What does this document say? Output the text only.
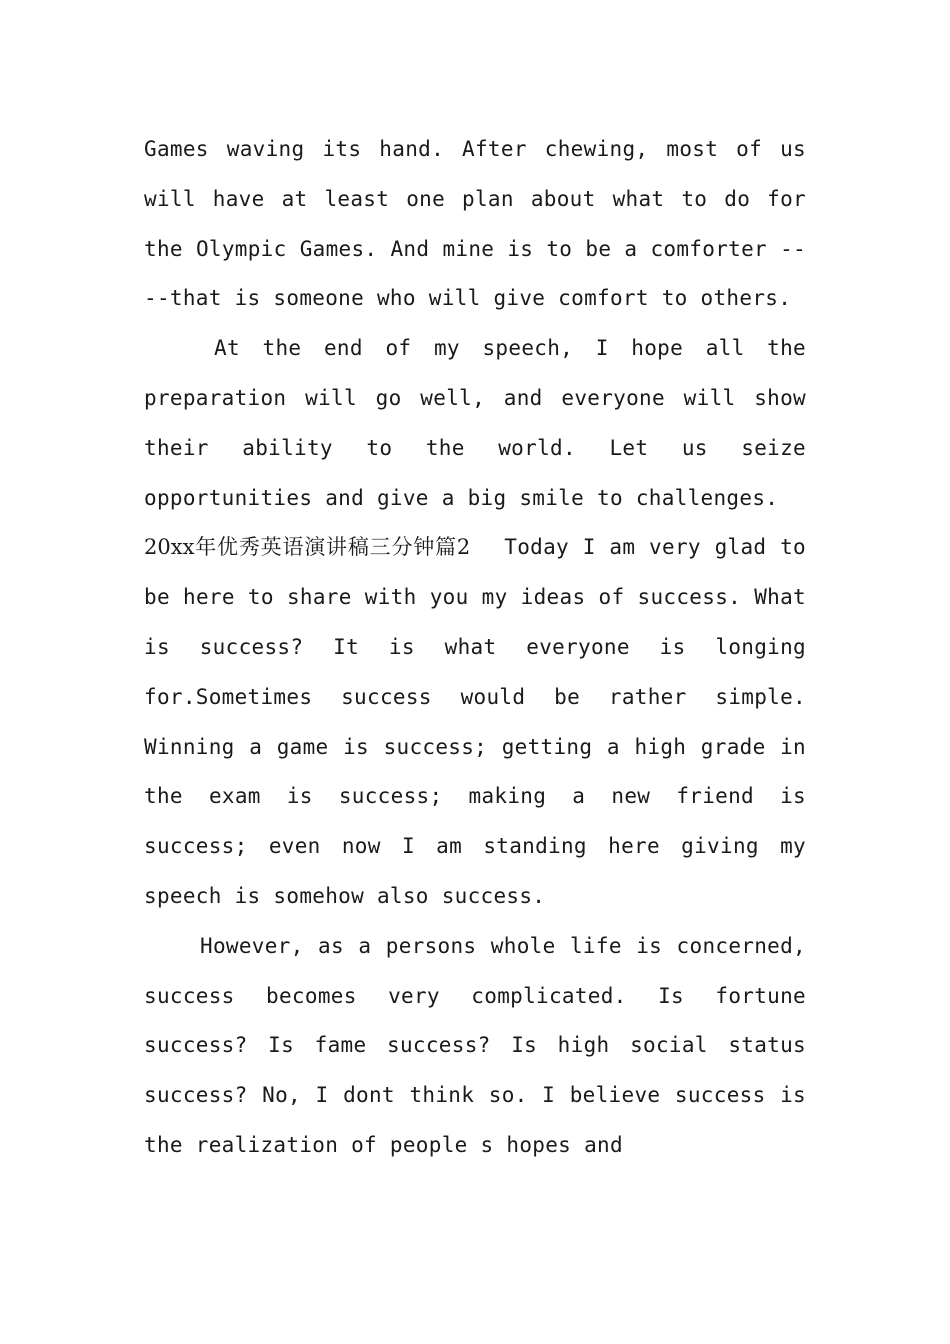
Games waving its hand. After chewing, most of us will have at least one plan about what to do for the Olympic Games. And mine is to be a comforter ----that is someone who will give comfort to others.

At the end of my speech, I hope all the preparation will go well, and everyone will show their ability to the world. Let us seize opportunities and give a big smile to challenges.

20xx年优秀英语演讲稿三分钟篇2 Today I am very glad to be here to share with you my ideas of success. What is success? It is what everyone is longing for.Sometimes success would be rather simple. Winning a game is success; getting a high grade in the exam is success; making a new friend is success; even now I am standing here giving my speech is somehow also success.

However, as a persons whole life is concerned, success becomes very complicated. Is fortune success? Is fame success? Is high social status success? No, I dont think so. I believe success is the realization of people s hopes and
